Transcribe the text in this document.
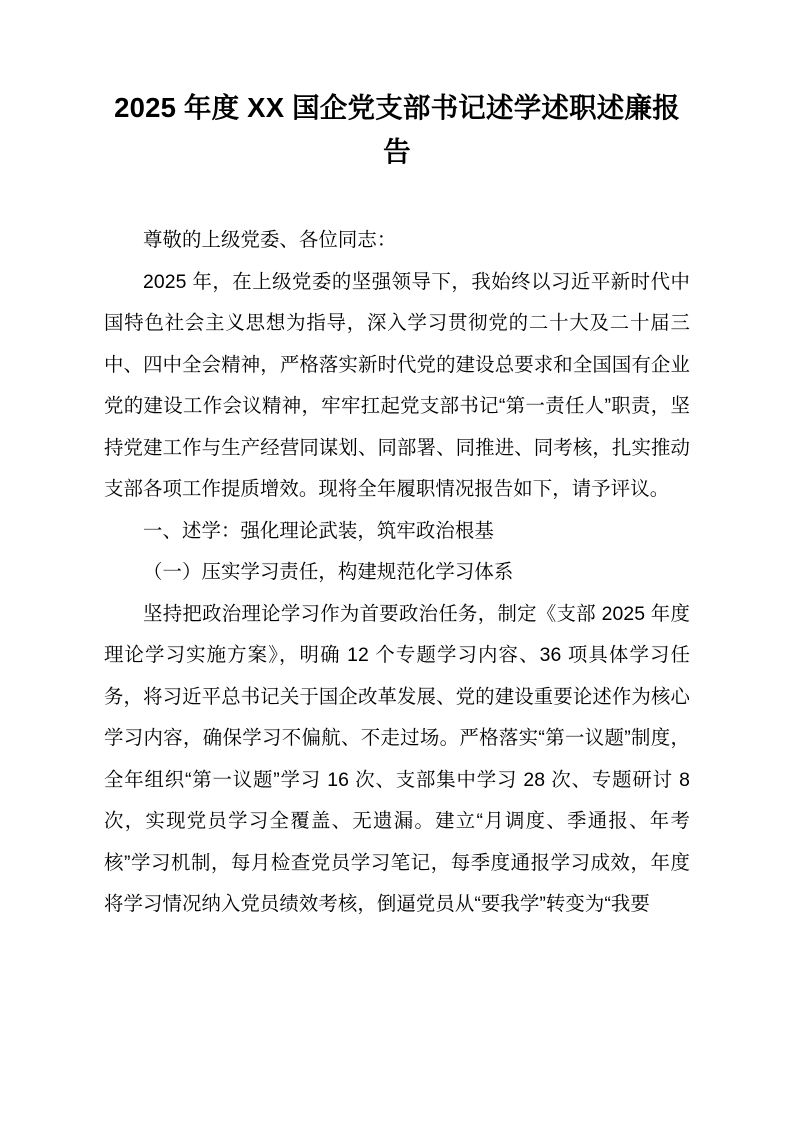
2025 年度 XX 国企党支部书记述学述职述廉报告

尊敬的上级党委、各位同志：

2025 年，在上级党委的坚强领导下，我始终以习近平新时代中国特色社会主义思想为指导，深入学习贯彻党的二十大及二十届三中、四中全会精神，严格落实新时代党的建设总要求和全国国有企业党的建设工作会议精神，牢牢扛起党支部书记“第一责任人”职责，坚持党建工作与生产经营同谋划、同部署、同推进、同考核，扎实推动支部各项工作提质增效。现将全年履职情况报告如下，请予评议。

一、述学：强化理论武装，筑牢政治根基

（一）压实学习责任，构建规范化学习体系

坚持把政治理论学习作为首要政治任务，制定《支部 2025 年度理论学习实施方案》，明确 12 个专题学习内容、36 项具体学习任务，将习近平总书记关于国企改革发展、党的建设重要论述作为核心学习内容，确保学习不偏航、不走过场。严格落实“第一议题”制度，全年组织“第一议题”学习 16 次、支部集中学习 28 次、专题研讨 8 次，实现党员学习全覆盖、无遗漏。建立“月调度、季通报、年考核”学习机制，每月检查党员学习笔记，每季度通报学习成效，年度将学习情况纳入党员绩效考核，倒逼党员从“要我学”转变为“我要
